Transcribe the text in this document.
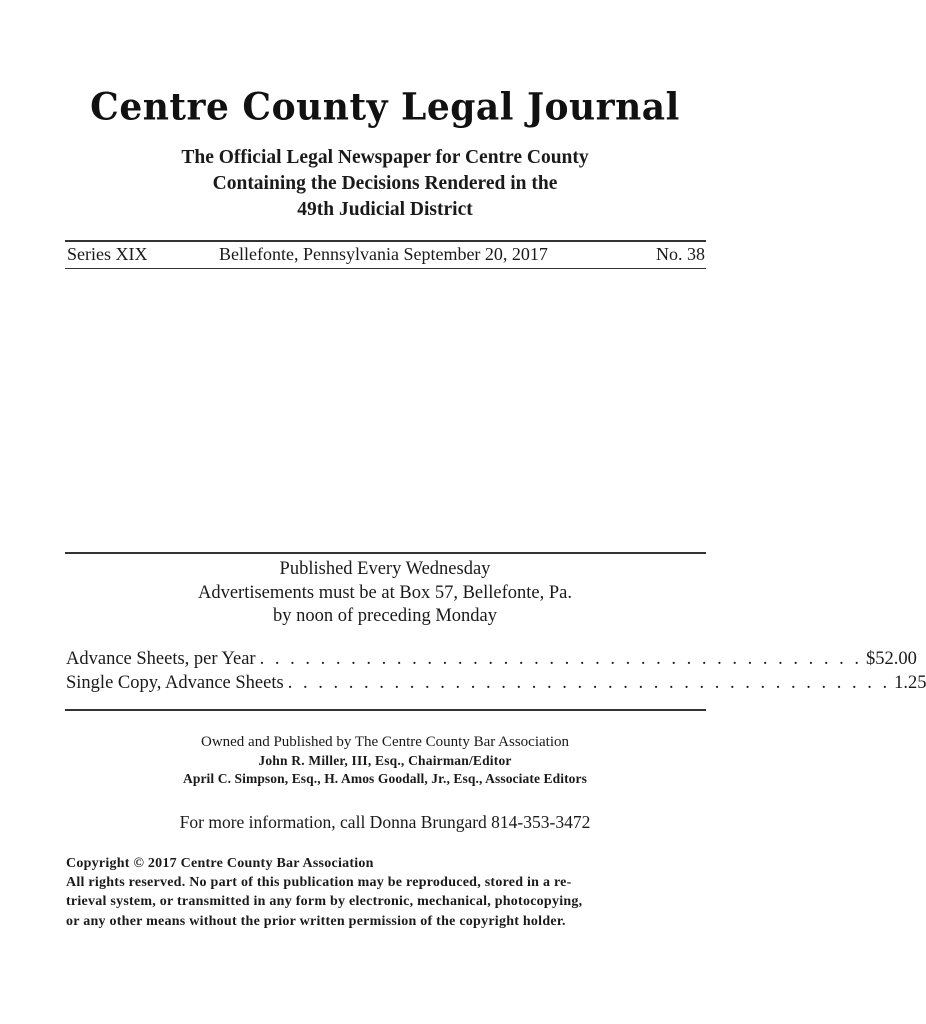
Centre County Legal Journal
The Official Legal Newspaper for Centre County
Containing the Decisions Rendered in the
49th Judicial District
Series XIX	Bellefonte, Pennsylvania September 20, 2017	No. 38
Published Every Wednesday
Advertisements must be at Box 57, Bellefonte, Pa.
by noon of preceding Monday
Advance Sheets, per Year . . . . . . . . . . . . . . . . . . . . . . . . . . . . . . . . . . . . . . . . $52.00
Single Copy, Advance Sheets . . . . . . . . . . . . . . . . . . . . . . . . . . . . . . . . . . . . . . . . 1.25
Owned and Published by The Centre County Bar Association
John R. Miller, III, Esq., Chairman/Editor
April C. Simpson, Esq., H. Amos Goodall, Jr., Esq., Associate Editors
For more information, call Donna Brungard 814-353-3472
Copyright © 2017 Centre County Bar Association
All rights reserved. No part of this publication may be reproduced, stored in a re-
trieval system, or transmitted in any form by electronic, mechanical, photocopying,
or any other means without the prior written permission of the copyright holder.
